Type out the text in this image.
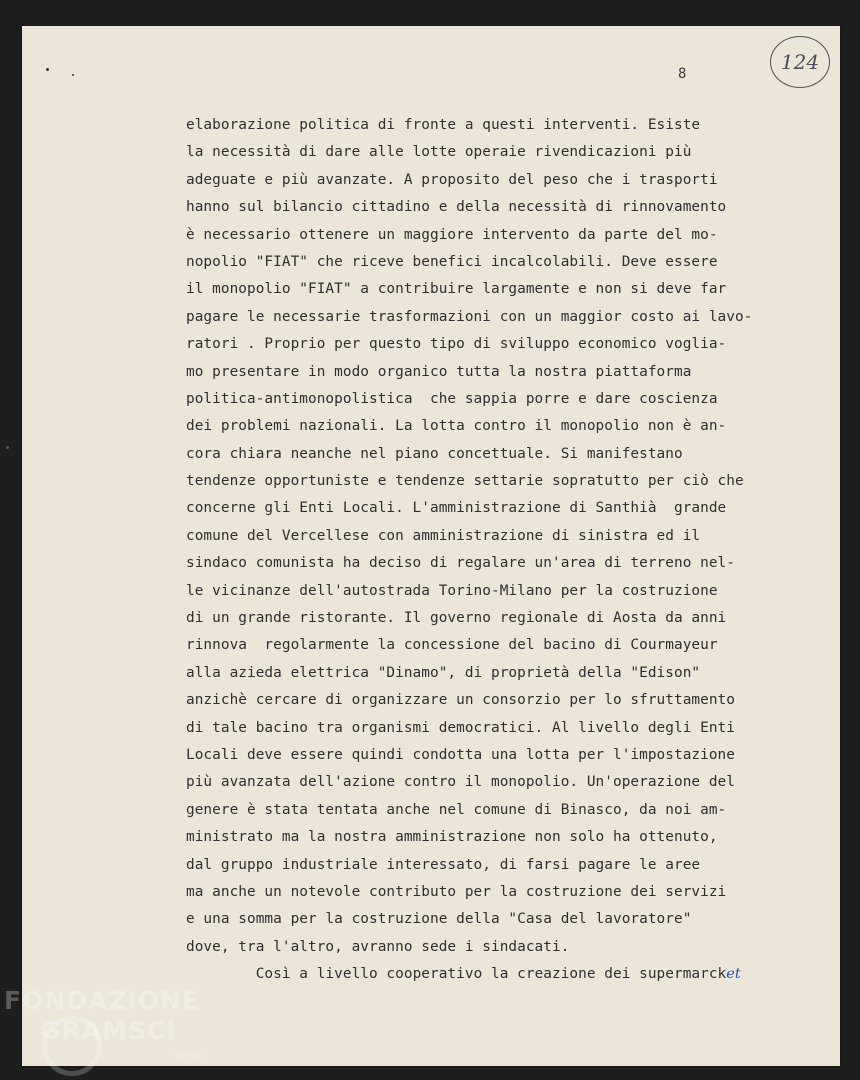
8	124
elaborazione politica di fronte a questi interventi. Esiste
la necessità di dare alle lotte operaie rivendicazioni più
adeguate e più avanzate. A proposito del peso che i trasporti
hanno sul bilancio cittadino e della necessità di rinnovamento
è necessario ottenere un maggiore intervento da parte del mo-
nopolio "FIAT" che riceve benefici incalcolabili. Deve essere
il monopolio "FIAT" a contribuire largamente e non si deve far
pagare le necessarie trasformazioni con un maggior costo ai lavo-
ratori . Proprio per questo tipo di sviluppo economico voglia-
mo presentare in modo organico tutta la nostra piattaforma
politica-antimonopolistica  che sappia porre e dare coscienza
dei problemi nazionali. La lotta contro il monopolio non è an-
cora chiara neanche nel piano concettuale. Si manifestano
tendenze opportuniste e tendenze settarie sopratutto per ciò che
concerne gli Enti Locali. L'amministrazione di Santhià  grande
comune del Vercellese con amministrazione di sinistra ed il
sindaco comunista ha deciso di regalare un'area di terreno nel-
le vicinanze dell'autostrada Torino-Milano per la costruzione
di un grande ristorante. Il governo regionale di Aosta da anni
rinnova  regolarmente la concessione del bacino di Courmayeur
alla azieda elettrica "Dinamo", di proprietà della "Edison"
anzichè cercare di organizzare un consorzio per lo sfruttamento
di tale bacino tra organismi democratici. Al livello degli Enti
Locali deve essere quindi condotta una lotta per l'impostazione
più avanzata dell'azione contro il monopolio. Un'operazione del
genere è stata tentata anche nel comune di Binasco, da noi am-
ministrato ma la nostra amministrazione non solo ha ottenuto,
dal gruppo industriale interessato, di farsi pagare le aree
ma anche un notevole contributo per la costruzione dei servizi
e una somma per la costruzione della "Casa del lavoratore"
dove, tra l'altro, avranno sede i sindacati.
Così a livello cooperativo la creazione dei supermarcket
FONDAZIONE
GRAMSCI
onlus
